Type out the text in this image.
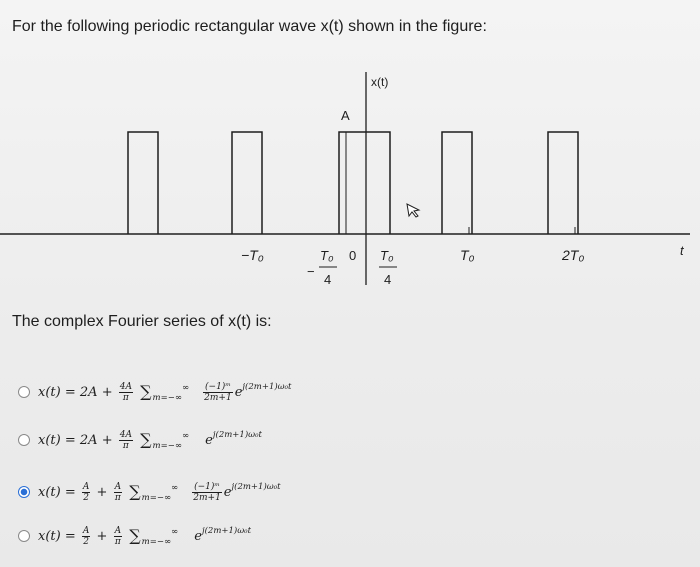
For the following periodic rectangular wave x(t) shown in the figure:
x(t)
A
t
−T₀
−
T₀
4
0 T₀
4
T₀	2T₀
The complex Fourier series of x(t) is:
$x(t) = 2A + \frac{4A}{\pi} \sum_{m=-\infty}^\infty \frac{\text{(−1)ᵐ}}{2m+1} e^{j(2m+1)\omega_0t}$
$x(t) = 2A + \frac{4A}{\pi} \sum_{m=-\infty}^\infty$ $e^{j(2m+1)\omega_0t}$
$x(t) = \frac{A}{2} + \frac{A}{\pi} \sum_{m=-\infty}^\infty \frac{\text{(−1)ᵐ}}{2m+1} e^{j(2m+1)\omega_0t}$
$x(t) = \frac{A}{2} + \frac{A}{\pi} \sum_{m=-\infty}^\infty$ $e^{j(2m+1)\omega_0t}$
